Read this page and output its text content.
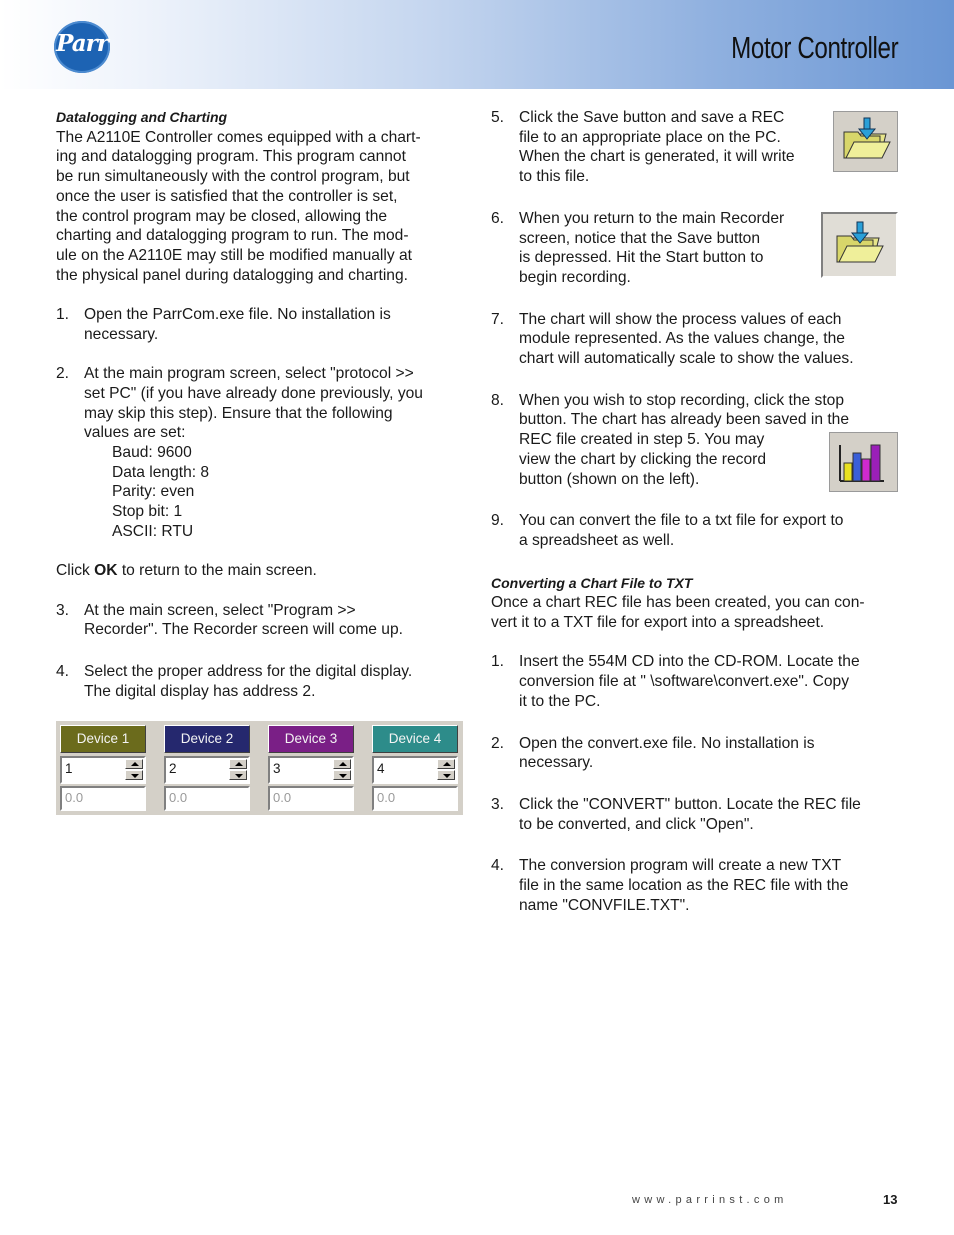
Parr	Motor Controller

Datalogging and Charting

The A2110E Controller comes equipped with a chart-
ing and datalogging program. This program cannot
be run simultaneously with the control program, but
once the user is satisfied that the controller is set,
the control program may be closed, allowing the
charting and datalogging program to run. The mod-
ule on the A2110E may still be modified manually at
the physical panel during datalogging and charting.
1. Open the ParrCom.exe file. No installation is
necessary.
2. At the main program screen, select "protocol >>
set PC" (if you have already done previously, you
may skip this step). Ensure that the following
values are set:
Baud: 9600
Data length: 8
Parity: even
Stop bit: 1
ASCII: RTU

Click OK to return to the main screen.

3. At the main screen, select "Program >>
Recorder". The Recorder screen will come up.
4. Select the proper address for the digital display.
The digital display has address 2.
Device 1
1
0.0
Device 2
2
0.0
Device 3
3
0.0
Device 4
4
0.0
5. Click the Save button and save a REC
file to an appropriate place on the PC.
When the chart is generated, it will write
to this file.
6. When you return to the main Recorder
screen, notice that the Save button
is depressed. Hit the Start button to
begin recording.
7. The chart will show the process values of each
module represented. As the values change, the
chart will automatically scale to show the values.
8. When you wish to stop recording, click the stop
button. The chart has already been saved in the
REC file created in step 5. You may
view the chart by clicking the record
button (shown on the left).
9. You can convert the file to a txt file for export to
a spreadsheet as well.

Converting a Chart File to TXT

Once a chart REC file has been created, you can con-
vert it to a TXT file for export into a spreadsheet.
1. Insert the 554M CD into the CD-ROM. Locate the
conversion file at " \software\convert.exe". Copy
it to the PC.
2. Open the convert.exe file. No installation is
necessary.
3. Click the "CONVERT" button. Locate the REC file
to be converted, and click "Open".
4. The conversion program will create a new TXT
file in the same location as the REC file with the
name "CONVFILE.TXT".
www.parrinst.com	13
